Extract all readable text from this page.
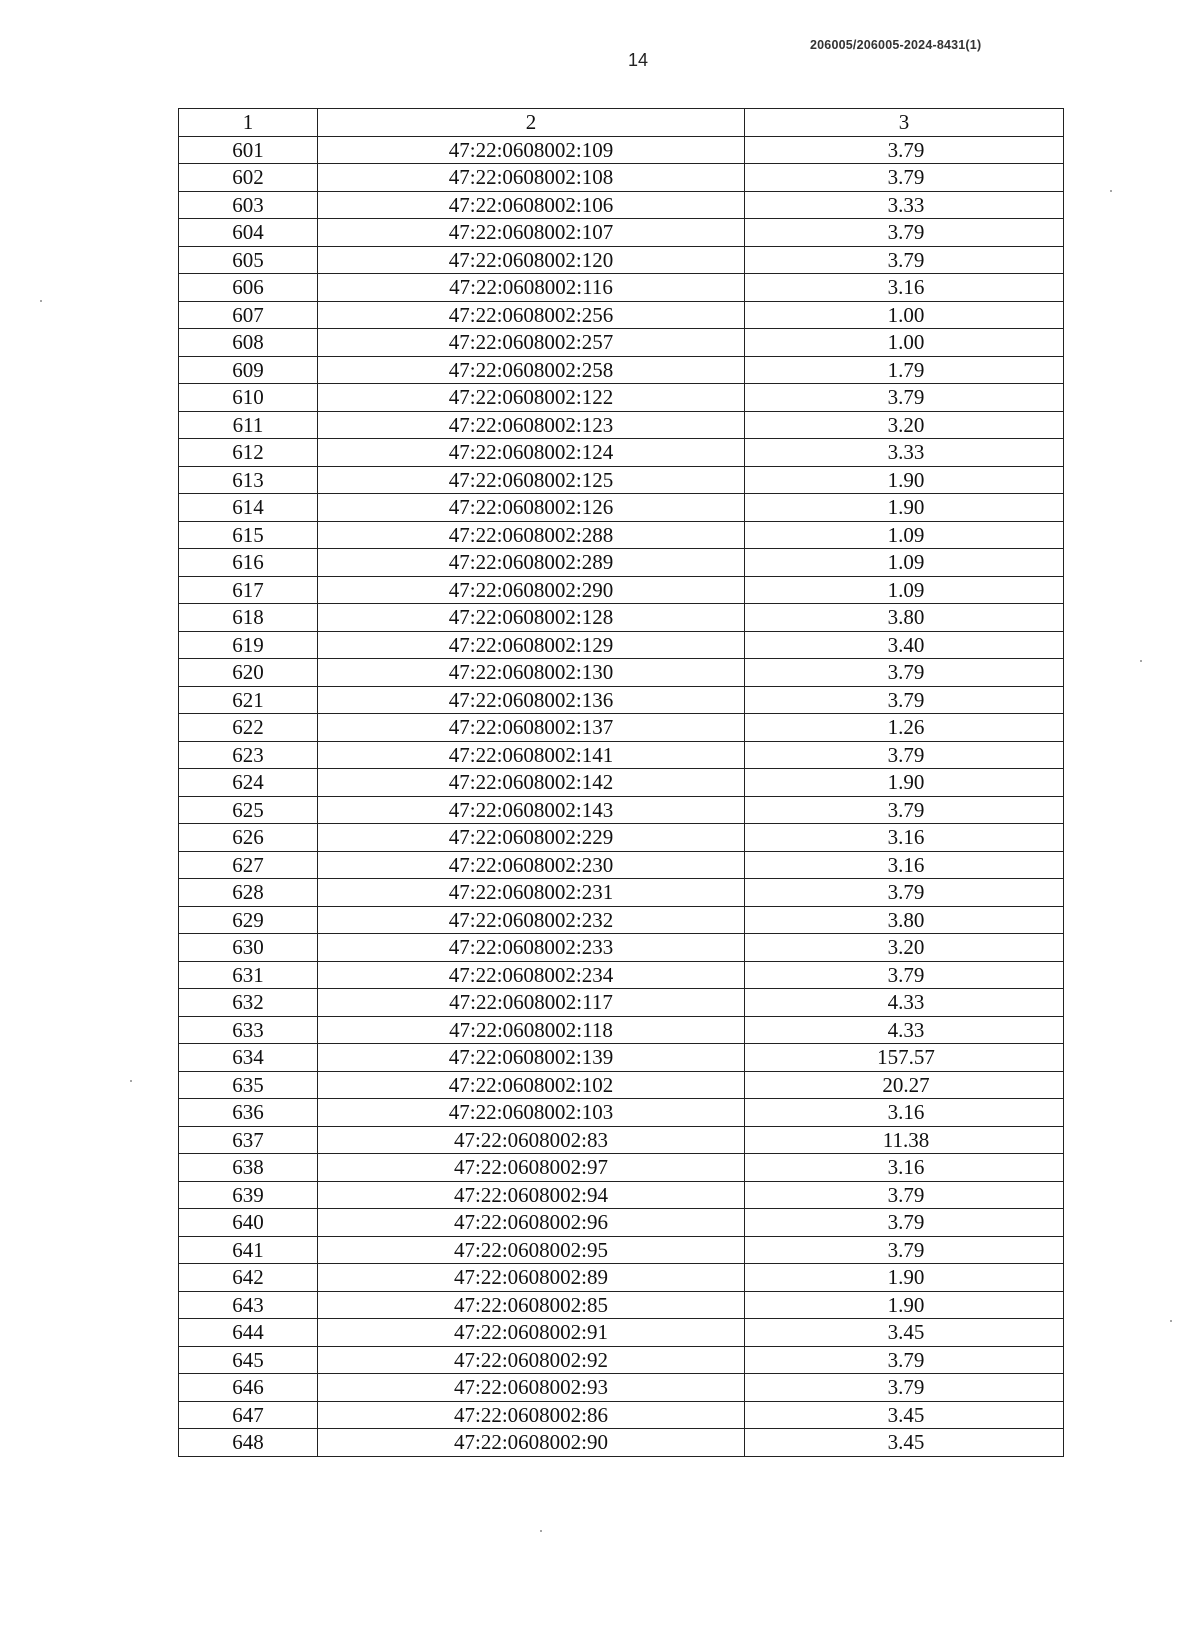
14
206005/206005-2024-8431(1)
1	2	3
601	47:22:0608002:109	3.79
602	47:22:0608002:108	3.79
603	47:22:0608002:106	3.33
604	47:22:0608002:107	3.79
605	47:22:0608002:120	3.79
606	47:22:0608002:116	3.16
607	47:22:0608002:256	1.00
608	47:22:0608002:257	1.00
609	47:22:0608002:258	1.79
610	47:22:0608002:122	3.79
611	47:22:0608002:123	3.20
612	47:22:0608002:124	3.33
613	47:22:0608002:125	1.90
614	47:22:0608002:126	1.90
615	47:22:0608002:288	1.09
616	47:22:0608002:289	1.09
617	47:22:0608002:290	1.09
618	47:22:0608002:128	3.80
619	47:22:0608002:129	3.40
620	47:22:0608002:130	3.79
621	47:22:0608002:136	3.79
622	47:22:0608002:137	1.26
623	47:22:0608002:141	3.79
624	47:22:0608002:142	1.90
625	47:22:0608002:143	3.79
626	47:22:0608002:229	3.16
627	47:22:0608002:230	3.16
628	47:22:0608002:231	3.79
629	47:22:0608002:232	3.80
630	47:22:0608002:233	3.20
631	47:22:0608002:234	3.79
632	47:22:0608002:117	4.33
633	47:22:0608002:118	4.33
634	47:22:0608002:139	157.57
635	47:22:0608002:102	20.27
636	47:22:0608002:103	3.16
637	47:22:0608002:83	11.38
638	47:22:0608002:97	3.16
639	47:22:0608002:94	3.79
640	47:22:0608002:96	3.79
641	47:22:0608002:95	3.79
642	47:22:0608002:89	1.90
643	47:22:0608002:85	1.90
644	47:22:0608002:91	3.45
645	47:22:0608002:92	3.79
646	47:22:0608002:93	3.79
647	47:22:0608002:86	3.45
648	47:22:0608002:90	3.45
